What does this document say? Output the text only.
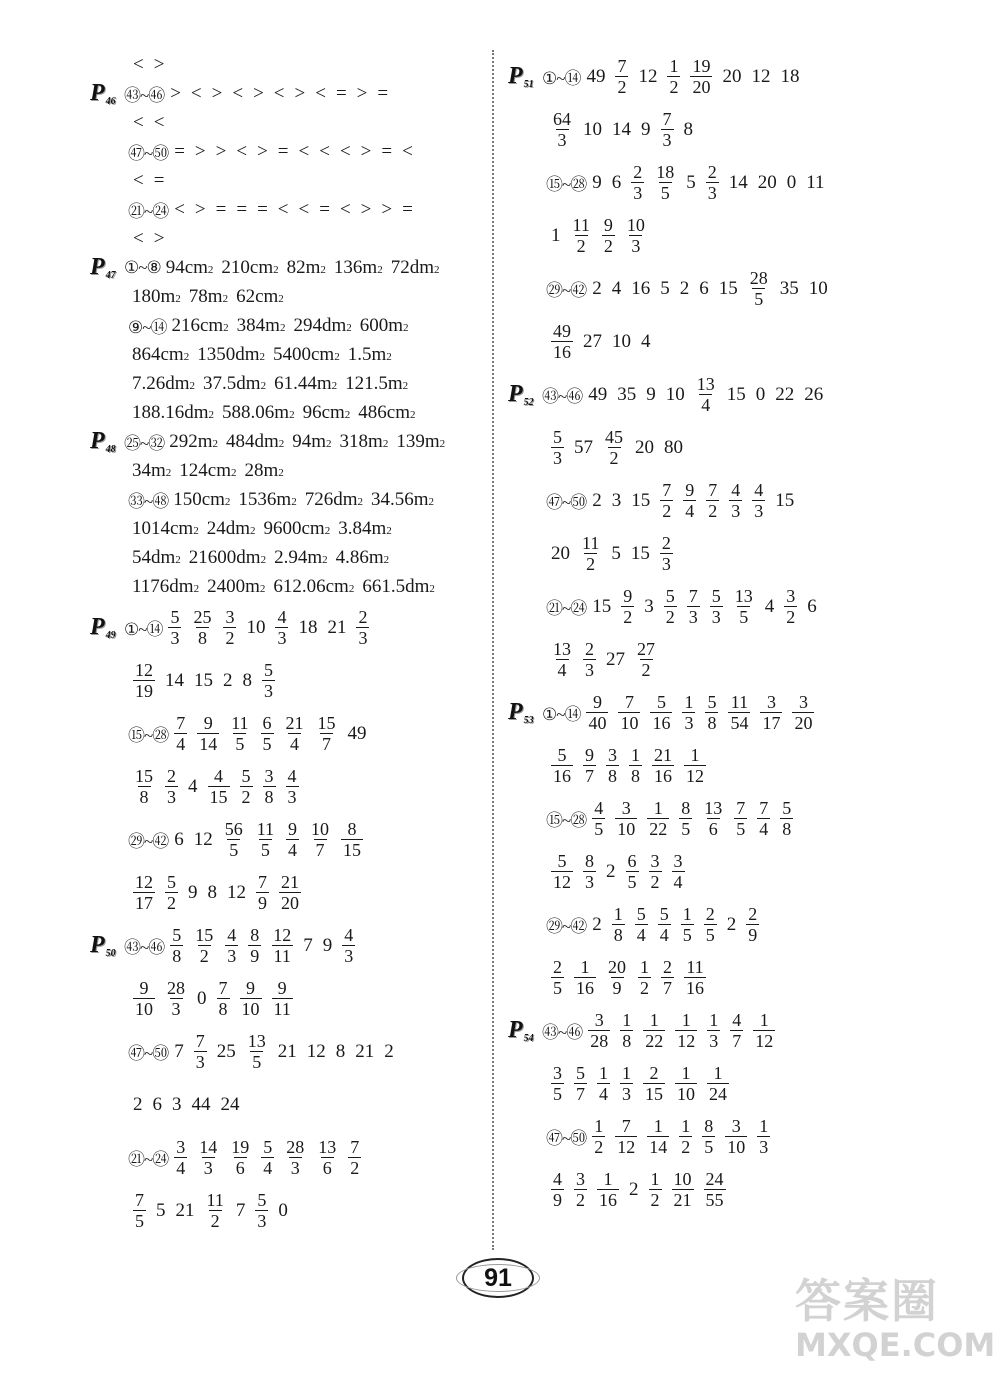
< >
P 46 ㊸~㊻ > < > < > < > < = > =
< <
㊼~㊿ = > > < > = < < < > = <
< =
㉑~㉔ < > = = = < < = < > > =
< >
P 47 ①~⑧ 94 cm 2 210 cm 2 82 m 2 136 m 2 72 dm 2
180 m 2 78 m 2 62 cm 2
⑨~⑭ 216 cm 2 384 m 2 294 dm 2 600 m 2
864 cm 2 1350 dm 2 5400 cm 2 1.5 m 2
7.26 dm 2 37.5 dm 2 61.44 m 2 121.5 m 2
188.16 dm 2 588.06 m 2 96 cm 2 486 cm 2
P 48 ㉕~㉜ 292 m 2 484 dm 2 94 m 2 318 m 2 139 m 2
34 m 2 124 cm 2 28 m 2
㉝~㊽ 150 cm 2 1536 m 2 726 dm 2 34.56 m 2
1014 cm 2 24 dm 2 9600 cm 2 3.84 m 2
54 dm 2 21600 dm 2 2.94 m 2 4.86 m 2
1176 dm 2 2400 m 2 612.06 cm 2 661.5 dm 2
P 49 ①~⑭ $\frac{5}{3} \frac{25}{8} \frac{3}{2} 10 \frac{4}{3} 18$ $21 \frac{2}{3}$
$\frac{12}{19} 14$ 15 2 $8 \frac{5}{3}$
⑮~㉘ $\frac{7}{4} \frac{9}{14} \frac{11}{5} \frac{6}{5} \frac{21}{4} \frac{15}{7} 49$
$\frac{15}{8} \frac{2}{3} 4 \frac{4}{15} \frac{5}{2} \frac{3}{8} \frac{4}{3}$
㉙~㊷ 6 $12 \frac{56}{5} \frac{11}{5} \frac{9}{4} \frac{10}{7} \frac{8}{15}$
$\frac{12}{17} \frac{5}{2} 9$ 8 $12 \frac{7}{9} \frac{21}{20}$
P 50 ㊸~㊻ $\frac{5}{8} \frac{15}{2} \frac{4}{3} \frac{8}{9} \frac{12}{11} 7$ $9 \frac{4}{3}$
$\frac{9}{10} \frac{28}{3} 0 \frac{7}{8} \frac{9}{10} \frac{9}{11}$
㊼~㊿ $7 \frac{7}{3} 25 \frac{13}{5} 21$ 12 8 21 2
2 6 3 44 24
㉑~㉔ $\frac{3}{4} \frac{14}{3} \frac{19}{6} \frac{5}{4} \frac{28}{3} \frac{13}{6} \frac{7}{2}$
$\frac{7}{5} 5$ $21 \frac{11}{2} 7 \frac{5}{3} 0$
P 51 ①~⑭ $49 \frac{7}{2} 12 \frac{1}{2} \frac{19}{20} 20$ 12 18
$\frac{64}{3} 10$ 14 $9 \frac{7}{3} 8$
⑮~㉘ 9 $6 \frac{2}{3} \frac{18}{5} 5 \frac{2}{3} 14$ 20 0 11
$1 \frac{11}{2} \frac{9}{2} \frac{10}{3}$
㉙~㊷ 2 4 16 5 2 6 $15 \frac{28}{5} 35$ 10
$\frac{49}{16} 27$ 10 4
P 52 ㊸~㊻ 49 35 9 $10 \frac{13}{4} 15$ 0 22 26
$\frac{5}{3} 57 \frac{45}{2} 20$ 80
㊼~㊿ 2 3 $15 \frac{7}{2} \frac{9}{4} \frac{7}{2} \frac{4}{3} \frac{4}{3} 15$
$20 \frac{11}{2} 5$ $15 \frac{2}{3}$
㉑~㉔ $15 \frac{9}{2} 3 \frac{5}{2} \frac{7}{3} \frac{5}{3} \frac{13}{5} 4 \frac{3}{2} 6$
$\frac{13}{4} \frac{2}{3} 27 \frac{27}{2}$
P 53 ①~⑭ $\frac{9}{40} \frac{7}{10} \frac{5}{16} \frac{1}{3} \frac{5}{8} \frac{11}{54} \frac{3}{17} \frac{3}{20}$
$\frac{5}{16} \frac{9}{7} \frac{3}{8} \frac{1}{8} \frac{21}{16} \frac{1}{12}$
⑮~㉘ $\frac{4}{5} \frac{3}{10} \frac{1}{22} \frac{8}{5} \frac{13}{6} \frac{7}{5} \frac{7}{4} \frac{5}{8}$
$\frac{5}{12} \frac{8}{3} 2 \frac{6}{5} \frac{3}{2} \frac{3}{4}$
㉙~㊷ $2 \frac{1}{8} \frac{5}{4} \frac{5}{4} \frac{1}{5} \frac{2}{5} 2 \frac{2}{9}$
$\frac{2}{5} \frac{1}{16} \frac{20}{9} \frac{1}{2} \frac{2}{7} \frac{11}{16}$
P 54 ㊸~㊻ $\frac{3}{28} \frac{1}{8} \frac{1}{22} \frac{1}{12} \frac{1}{3} \frac{4}{7} \frac{1}{12}$
$\frac{3}{5} \frac{5}{7} \frac{1}{4} \frac{1}{3} \frac{2}{15} \frac{1}{10} \frac{1}{24}$
㊼~㊿ $\frac{1}{2} \frac{7}{12} \frac{1}{14} \frac{1}{2} \frac{8}{5} \frac{3}{10} \frac{1}{3}$
$\frac{4}{9} \frac{3}{2} \frac{1}{16} 2 \frac{1}{2} \frac{10}{21} \frac{24}{55}$
91	答案圈
MXQE.COM
